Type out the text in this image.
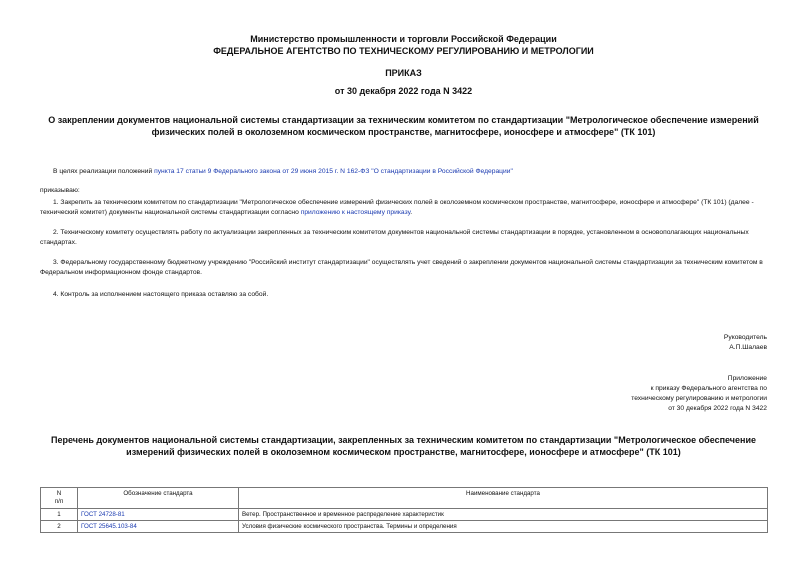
Министерство промышленности и торговли Российской Федерации
ФЕДЕРАЛЬНОЕ АГЕНТСТВО ПО ТЕХНИЧЕСКОМУ РЕГУЛИРОВАНИЮ И МЕТРОЛОГИИ
ПРИКАЗ
от 30 декабря 2022 года N 3422
О закреплении документов национальной системы стандартизации за техническим комитетом по стандартизации "Метрологическое обеспечение измерений физических полей в околоземном космическом пространстве, магнитосфере, ионосфере и атмосфере" (ТК 101)
В целях реализации положений пункта 17 статьи 9 Федерального закона от 29 июня 2015 г. N 162-ФЗ "О стандартизации в Российской Федерации"
приказываю:
1. Закрепить за техническим комитетом по стандартизации "Метрологическое обеспечение измерений физических полей в околоземном космическом пространстве, магнитосфере, ионосфере и атмосфере" (ТК 101) (далее - технический комитет) документы национальной системы стандартизации согласно приложению к настоящему приказу.
2. Техническому комитету осуществлять работу по актуализации закрепленных за техническим комитетом документов национальной системы стандартизации в порядке, установленном в основополагающих национальных стандартах.
3. Федеральному государственному бюджетному учреждению "Российский институт стандартизации" осуществлять учет сведений о закреплении документов национальной системы стандартизации за техническим комитетом в Федеральном информационном фонде стандартов.
4. Контроль за исполнением настоящего приказа оставляю за собой.
Руководитель
А.П.Шалаев
Приложение
к приказу Федерального агентства по
техническому регулированию и метрологии
от 30 декабря 2022 года N 3422
Перечень документов национальной системы стандартизации, закрепленных за техническим комитетом по стандартизации "Метрологическое обеспечение измерений физических полей в околоземном космическом пространстве, магнитосфере, ионосфере и атмосфере" (ТК 101)
N
п/п	Обозначение стандарта	Наименование стандарта
1	ГОСТ 24728-81	Ветер. Пространственное и временное распределение характеристик
2	ГОСТ 25645.103-84	Условия физические космического пространства. Термины и определения
